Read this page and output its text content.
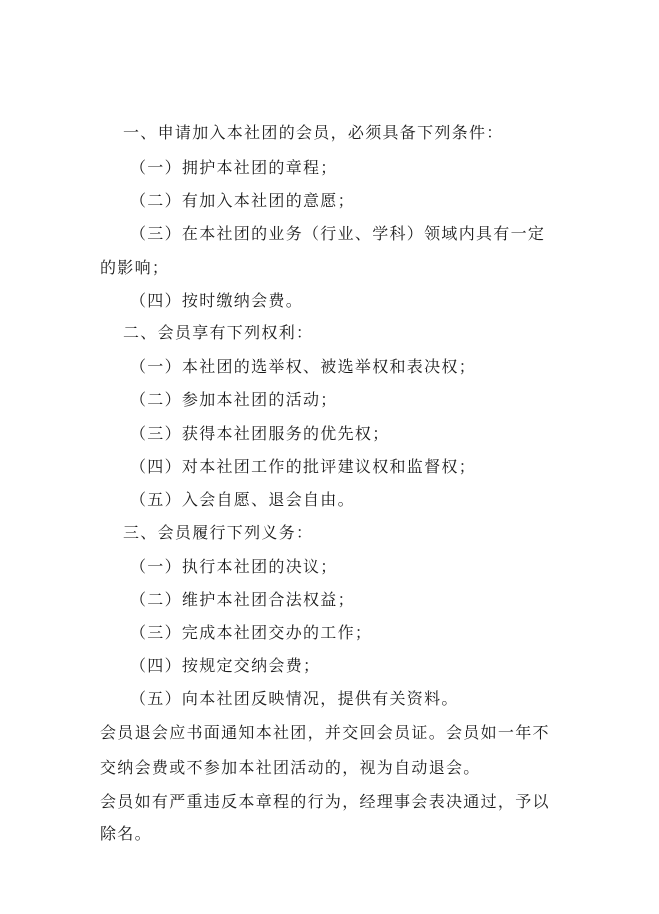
一、申请加入本社团的会员，必须具备下列条件：
（一）拥护本社团的章程；
（二）有加入本社团的意愿；
（三）在本社团的业务（行业、学科）领域内具有一定
的影响；
（四）按时缴纳会费。
二、会员享有下列权利：
（一）本社团的选举权、被选举权和表决权；
（二）参加本社团的活动；
（三）获得本社团服务的优先权；
（四）对本社团工作的批评建议权和监督权；
（五）入会自愿、退会自由。
三、会员履行下列义务：
（一）执行本社团的决议；
（二）维护本社团合法权益；
（三）完成本社团交办的工作；
（四）按规定交纳会费；
（五）向本社团反映情况，提供有关资料。
会员退会应书面通知本社团，并交回会员证。会员如一年不
交纳会费或不参加本社团活动的，视为自动退会。
会员如有严重违反本章程的行为，经理事会表决通过，予以
除名。
